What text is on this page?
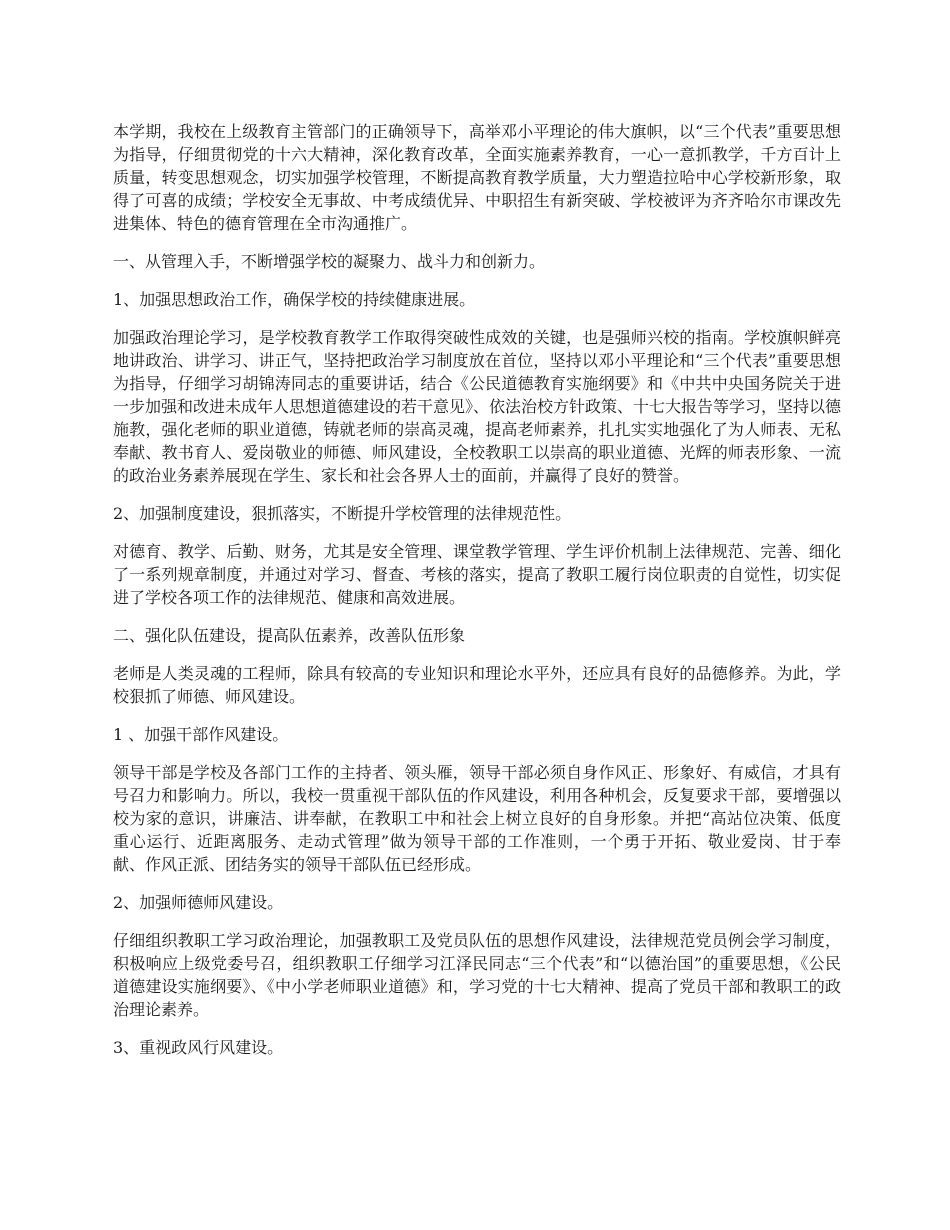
本学期，我校在上级教育主管部门的正确领导下，高举邓小平理论的伟大旗帜，以“三个代表”重要思想为指导，仔细贯彻党的十六大精神，深化教育改革，全面实施素养教育，一心一意抓教学，千方百计上质量，转变思想观念，切实加强学校管理，不断提高教育教学质量，大力塑造拉哈中心学校新形象，取得了可喜的成绩；学校安全无事故、中考成绩优异、中职招生有新突破、学校被评为齐齐哈尔市课改先进集体、特色的德育管理在全市沟通推广。

一、从管理入手，不断增强学校的凝聚力、战斗力和创新力。

1、加强思想政治工作，确保学校的持续健康进展。

加强政治理论学习，是学校教育教学工作取得突破性成效的关键，也是强师兴校的指南。学校旗帜鲜亮地讲政治、讲学习、讲正气，坚持把政治学习制度放在首位，坚持以邓小平理论和“三个代表”重要思想为指导，仔细学习胡锦涛同志的重要讲话，结合《公民道德教育实施纲要》和《中共中央国务院关于进一步加强和改进未成年人思想道德建设的若干意见》、依法治校方针政策、十七大报告等学习，坚持以德施教，强化老师的职业道德，铸就老师的崇高灵魂，提高老师素养，扎扎实实地强化了为人师表、无私奉献、教书育人、爱岗敬业的师德、师风建设，全校教职工以崇高的职业道德、光辉的师表形象、一流的政治业务素养展现在学生、家长和社会各界人士的面前，并赢得了良好的赞誉。

2、加强制度建设，狠抓落实，不断提升学校管理的法律规范性。

对德育、教学、后勤、财务，尤其是安全管理、课堂教学管理、学生评价机制上法律规范、完善、细化了一系列规章制度，并通过对学习、督查、考核的落实，提高了教职工履行岗位职责的自觉性，切实促进了学校各项工作的法律规范、健康和高效进展。

二、强化队伍建设，提高队伍素养，改善队伍形象

老师是人类灵魂的工程师，除具有较高的专业知识和理论水平外，还应具有良好的品德修养。为此，学校狠抓了师德、师风建设。

1 、加强干部作风建设。

领导干部是学校及各部门工作的主持者、领头雁，领导干部必须自身作风正、形象好、有威信，才具有号召力和影响力。所以，我校一贯重视干部队伍的作风建设，利用各种机会，反复要求干部，要增强以校为家的意识，讲廉洁、讲奉献，在教职工中和社会上树立良好的自身形象。并把“高站位决策、低度重心运行、近距离服务、走动式管理”做为领导干部的工作准则，一个勇于开拓、敬业爱岗、甘于奉献、作风正派、团结务实的领导干部队伍已经形成。

2、加强师德师风建设。

仔细组织教职工学习政治理论，加强教职工及党员队伍的思想作风建设，法律规范党员例会学习制度，积极响应上级党委号召，组织教职工仔细学习江泽民同志“三个代表”和“以德治国”的重要思想，《公民道德建设实施纲要》、《中小学老师职业道德》和，学习党的十七大精神、提高了党员干部和教职工的政治理论素养。

3、重视政风行风建设。
